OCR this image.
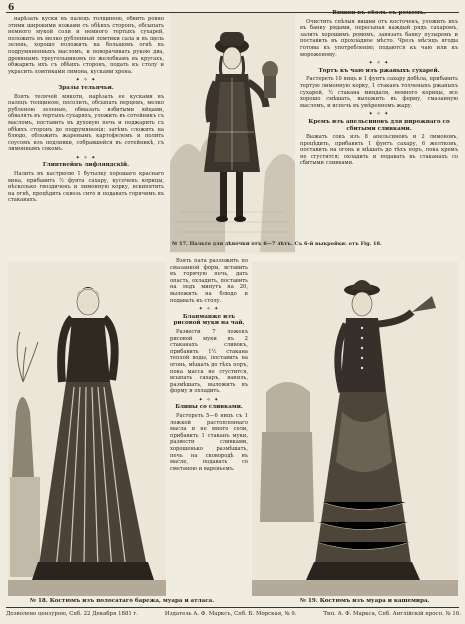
6

нарѣзать куски въ палецъ толщиною, обвить ровно этими широкими ножами съ обѣихъ сторонъ, обсыпать немного мукой соли и немного тертыхъ сухарей, положить въ мелко рубленный ломтики сала и въ щель зелень, хорошо положить на большомъ огнѣ въ подрумяненныхъ масломъ, и поворачивать рукою два, дровянымъ треугольникомъ по желобкамъ въ кругахъ, обжарить ихъ съ обѣихъ сторонъ, подать къ столу и украсить ломтиками лимона, кусками хрена.

✦ ✧ ✦

Зразы тельячьи.

Взять телячей мякоти, нарѣзать ее кусками въ палецъ толщиною, посолить, обсыпать перцемъ, мелко рубленою зеленью, обмазать взбитыми яйцами, обвалять въ тертыхъ сухаряхъ, уложить въ сотейникъ съ масломъ, поставить въ духовую печь и поджарить съ обѣихъ сторонъ до подрумяненія; затѣмъ сложить на блюдо, обложить жаренымъ картофелемъ и полить соусомъ изъ подливки, собравшейся въ сотейникѣ, съ лимоннымъ сокомъ.

✦ ✧ ✦

Глинтвейнъ лифляндскій.

Налить въ кастрюлю 1 бутылку хорошаго краснаго вина, прибавить ½ фунта сахару, кусочекъ корицы, нѣсколько гвоздичекъ и лимонную корку, вскипятить на огнѣ, процѣдить сквозь сито и подавать горячимъ въ стаканахъ.

Взять пата разложить по смазанной форм, вставить въ горячую печь, дать опасть, охладить, поставить на ледъ минутъ на 20, выложить на блюдо и подавать къ столу.

✦ ✧ ✦

Бланманже изъ рисовой муки на чай.

Развести 7 ложекъ рисовой муки въ 2 стаканахъ сливокъ, прибавить 1½ стакана теплой воды, поставить на огонь, мѣшать до тѣхъ поръ, пока масса не сгустится, всыпать сахаръ, ваниль, размѣшать, выложить въ форму и охладить.

✦ ✧ ✦

Блины со сливками.

Растереть 5—6 яицъ съ 1 ложкой растопленнаго масла и не много соли, прибавить 1 стаканъ муки, развести сливками, хорошенько размѣшать, печь на сковородѣ въ масле, подавать со сметаною и вареньемъ.

Вишни въ оболъ съ ромомъ.

Очистить спѣлыя вишни отъ косточекъ, уложить ихъ въ банку рядами, пересыпая каждый рядъ сахаромъ, залить хорошимъ ромомъ, завязать банку пузыремъ и поставить въ прохладное мѣсто. Чрезъ мѣсяцъ ягоды готовы къ употребленію; подаются къ чаю или къ мороженому.

✦ ✧ ✦

Тортъ къ чаю изъ ржаныхъ сухарей.

Растереть 10 яицъ и 1 фунтъ сахару добѣла, прибавить тертую лимонную корку, 1 стаканъ толченыхъ ржаныхъ сухарей, ½ стакана миндаля, немного корицы, все хорошо смѣшать, выложить въ форму, смазанную масломъ, и испечь въ умѣренномъ жару.

✦ ✧ ✦

Кремъ изъ апельсиновъ для пирожнаго со сбитыми сливками.

Выжать сокъ изъ 8 апельсиновъ и 2 лимоновъ, процѣдить, прибавить 1 фунтъ сахару, 6 желтковъ, поставить на огонь и мѣшать до тѣхъ поръ, пока кремъ не сгустится; охладить и подавать въ стаканахъ со сбитыми сливками.

№ 17. Пальто для дѣвочки отъ 6—7 лѣтъ. Съ 6-й выкройки: отъ Fig. 18.
№ 18. Костюмъ изъ полосатаго барежа, муара и атласа.	№ 19. Костюмъ изъ муара и кашемира.
Дозволено цензурою, Спб. 22 Декабря 1881 г.	Издатель А. Ф. Марксъ, Спб. Б. Морская, № 9.	Тип. А. Ф. Маркса, Спб. Англійскій просп. № 16.
